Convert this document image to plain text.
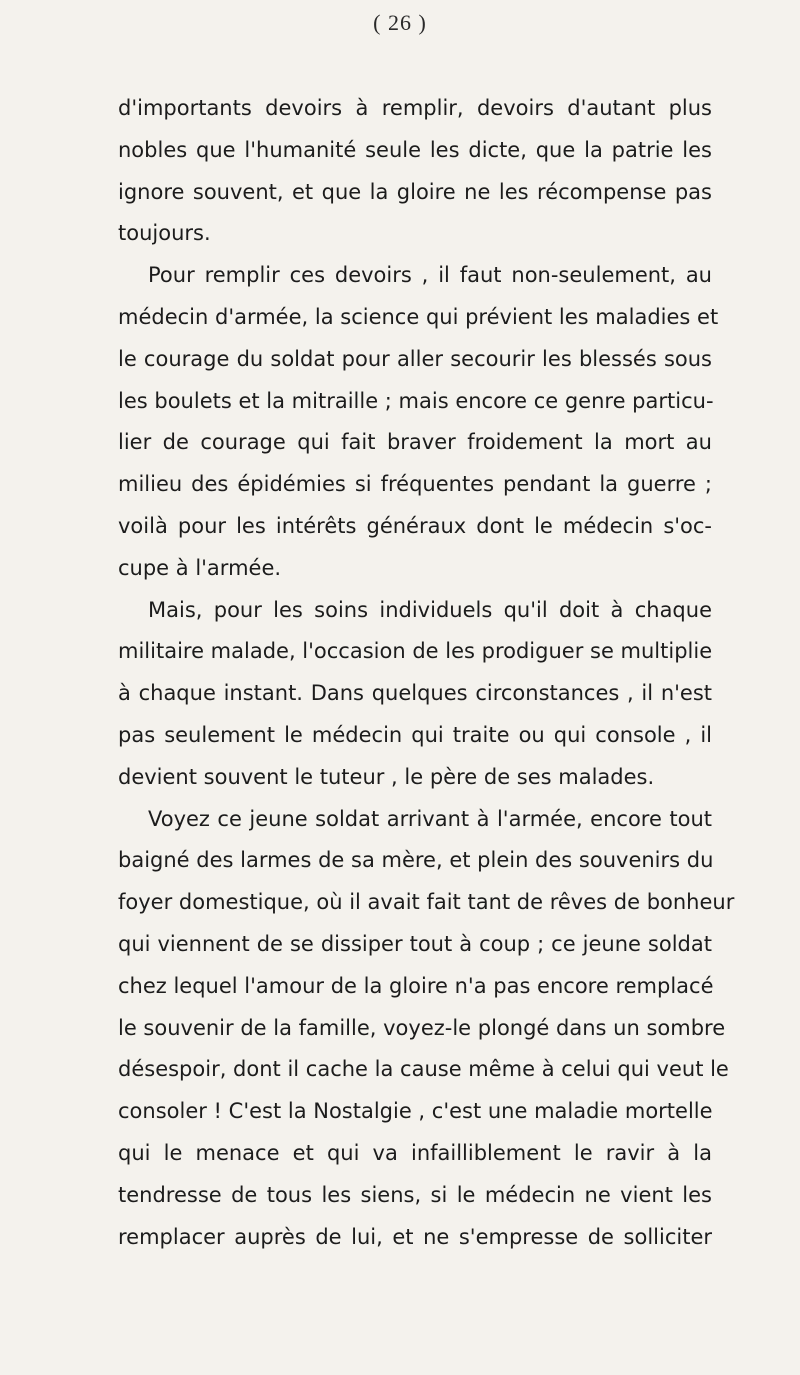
( 26 )
d'importants devoirs à remplir, devoirs d'autant plus
nobles que l'humanité seule les dicte, que la patrie les
ignore souvent, et que la gloire ne les récompense pas
toujours.
Pour remplir ces devoirs , il faut non-seulement, au
médecin d'armée, la science qui prévient les maladies et
le courage du soldat pour aller secourir les blessés sous
les boulets et la mitraille ; mais encore ce genre particu-
lier de courage qui fait braver froidement la mort au
milieu des épidémies si fréquentes pendant la guerre ;
voilà pour les intérêts généraux dont le médecin s'oc-
cupe à l'armée.
Mais, pour les soins individuels qu'il doit à chaque
militaire malade, l'occasion de les prodiguer se multiplie
à chaque instant. Dans quelques circonstances , il n'est
pas seulement le médecin qui traite ou qui console , il
devient souvent le tuteur , le père de ses malades.
Voyez ce jeune soldat arrivant à l'armée, encore tout
baigné des larmes de sa mère, et plein des souvenirs du
foyer domestique, où il avait fait tant de rêves de bonheur
qui viennent de se dissiper tout à coup ; ce jeune soldat
chez lequel l'amour de la gloire n'a pas encore remplacé
le souvenir de la famille, voyez-le plongé dans un sombre
désespoir, dont il cache la cause même à celui qui veut le
consoler ! C'est la Nostalgie , c'est une maladie mortelle
qui le menace et qui va infailliblement le ravir à la
tendresse de tous les siens, si le médecin ne vient les
remplacer auprès de lui, et ne s'empresse de solliciter
